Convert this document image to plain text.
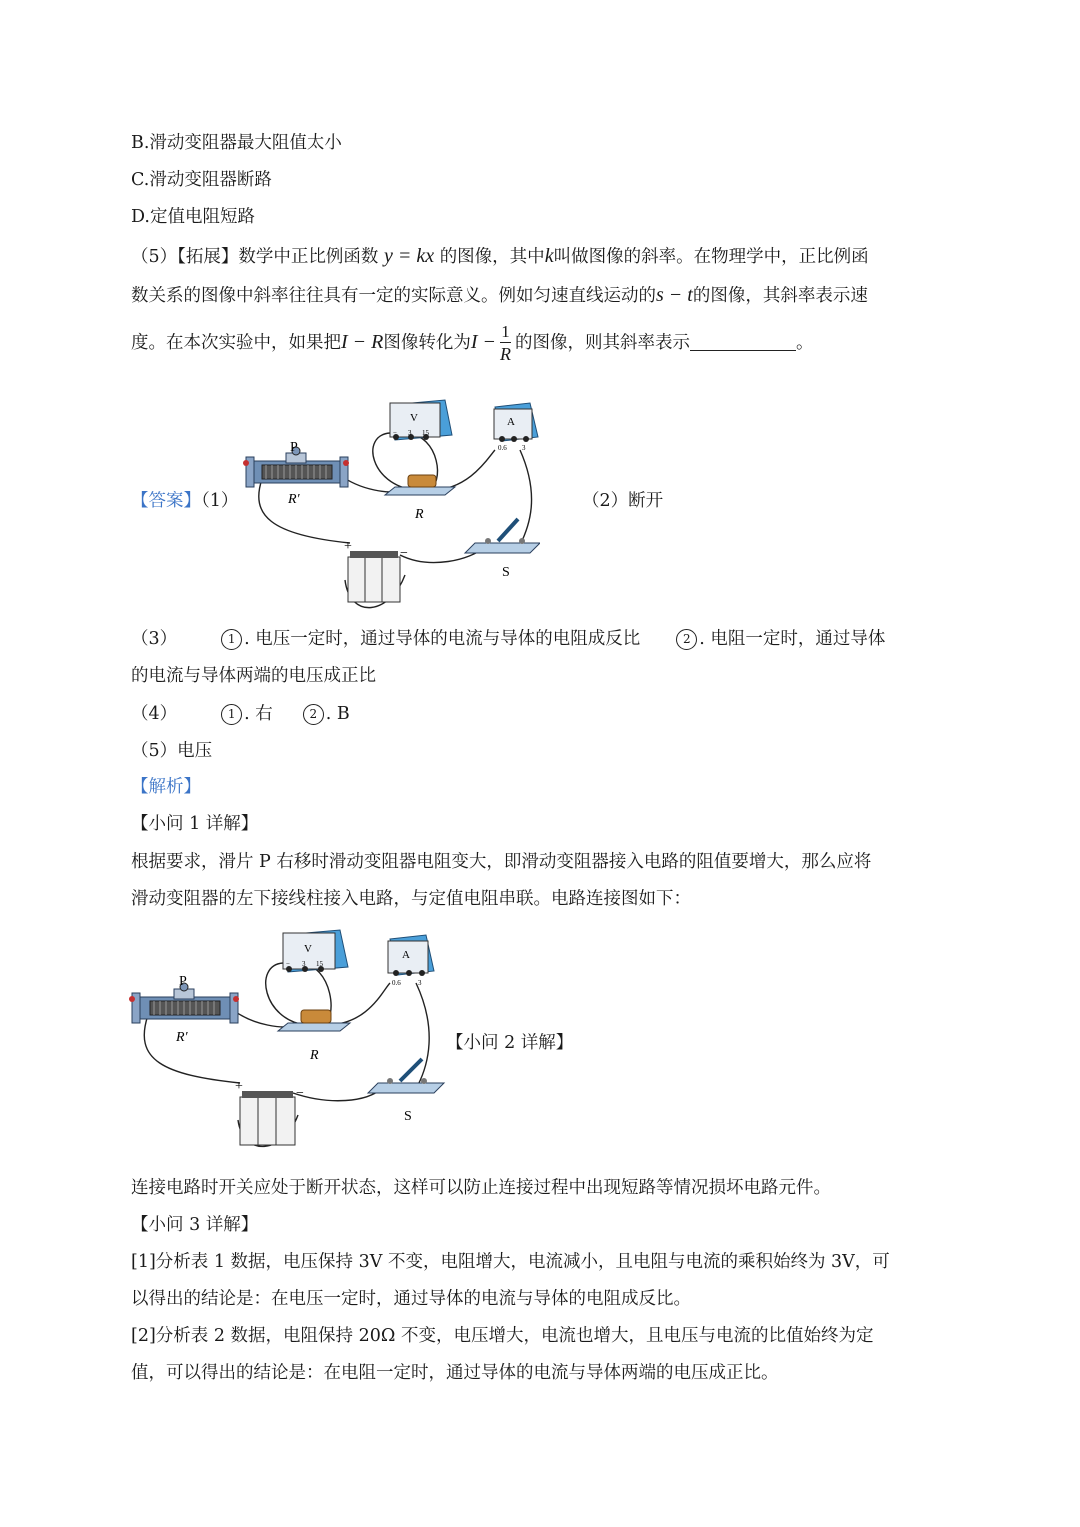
B.滑动变阻器最大阻值太小
C.滑动变阻器断路
D.定值电阻短路
（5）【拓展】数学中正比例函数 y = kx 的图像，其中k叫做图像的斜率。在物理学中，正比例函
数关系的图像中斜率往往具有一定的实际意义。例如匀速直线运动的s − t的图像，其斜率表示速
度。在本次实验中，如果把I − R图像转化为$I - \frac{1}{R}$ 的图像，则其斜率表示	。
【答案】（1）	（2）断开
P
R′
V
− 3 15
A
0.6 3
R
S
+	−
（3）	1 . 电压一定时，通过导体的电流与导体的电阻成反比	2 . 电阻一定时，通过导体
的电流与导体两端的电压成正比
（4）	1 . 右	2 . B
（5）电压
【解析】
【小问 1 详解】
根据要求，滑片 P 右移时滑动变阻器电阻变大，即滑动变阻器接入电路的阻值要增大，那么应将
滑动变阻器的左下接线柱接入电路，与定值电阻串联。电路连接图如下：
P
R′
V
− 3 15
A
0.6 3
R
S
+	−
【小问 2 详解】
连接电路时开关应处于断开状态，这样可以防止连接过程中出现短路等情况损坏电路元件。
【小问 3 详解】
[1]分析表 1 数据，电压保持 3V 不变，电阻增大，电流减小，且电阻与电流的乘积始终为 3V，可
以得出的结论是：在电压一定时，通过导体的电流与导体的电阻成反比。
[2]分析表 2 数据，电阻保持 20Ω 不变，电压增大，电流也增大，且电压与电流的比值始终为定
值，可以得出的结论是：在电阻一定时，通过导体的电流与导体两端的电压成正比。
